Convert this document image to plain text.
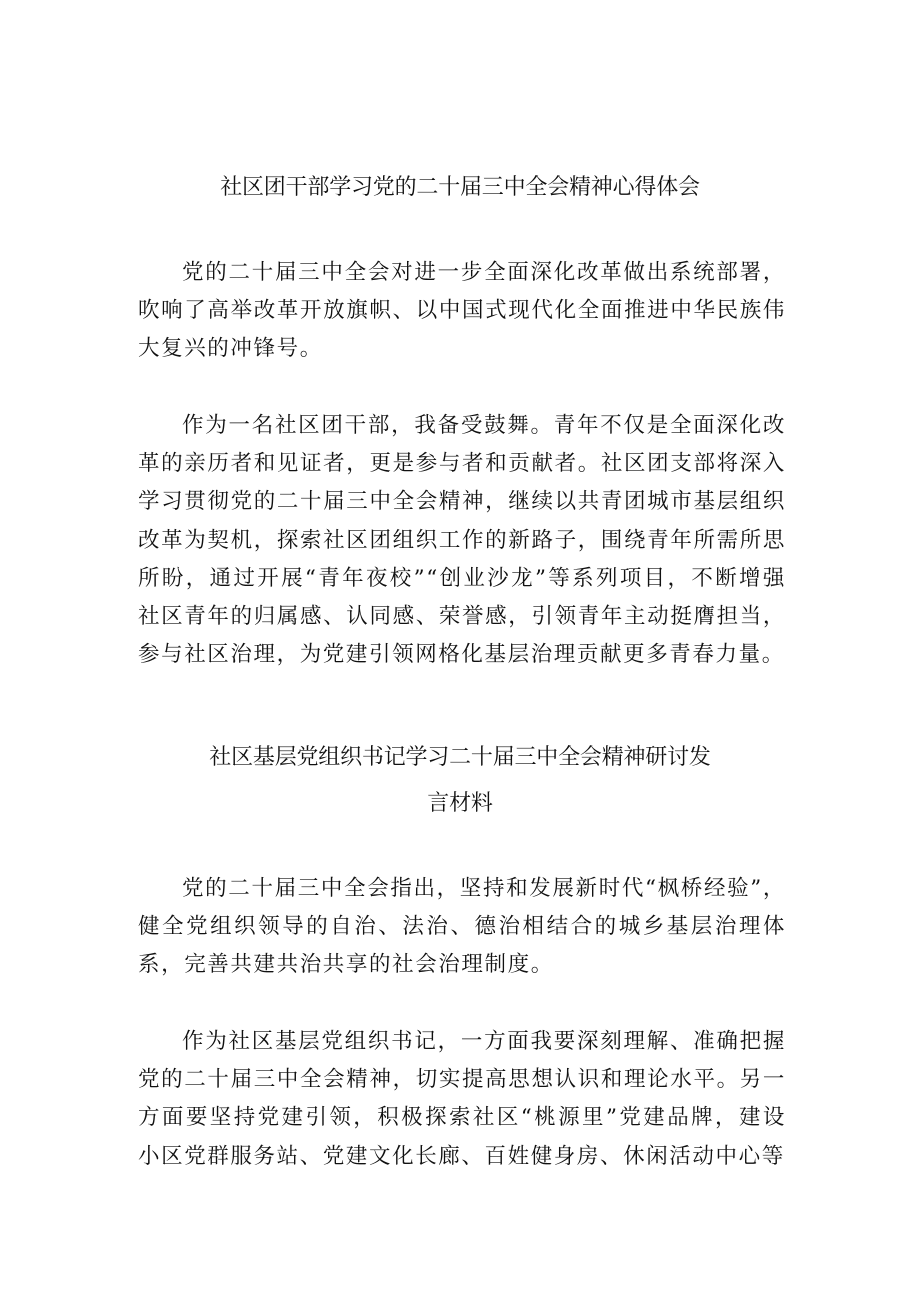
社区团干部学习党的二十届三中全会精神心得体会

党的二十届三中全会对进一步全面深化改革做出系统部署，吹响了高举改革开放旗帜、以中国式现代化全面推进中华民族伟大复兴的冲锋号。

作为一名社区团干部，我备受鼓舞。青年不仅是全面深化改革的亲历者和见证者，更是参与者和贡献者。社区团支部将深入学习贯彻党的二十届三中全会精神，继续以共青团城市基层组织改革为契机，探索社区团组织工作的新路子，围绕青年所需所思所盼，通过开展“青年夜校”“创业沙龙”等系列项目，不断增强社区青年的归属感、认同感、荣誉感，引领青年主动挺膺担当，参与社区治理，为党建引领网格化基层治理贡献更多青春力量。

社区基层党组织书记学习二十届三中全会精神研讨发
言材料

党的二十届三中全会指出，坚持和发展新时代“枫桥经验”，健全党组织领导的自治、法治、德治相结合的城乡基层治理体系，完善共建共治共享的社会治理制度。

作为社区基层党组织书记，一方面我要深刻理解、准确把握党的二十届三中全会精神，切实提高思想认识和理论水平。另一方面要坚持党建引领，积极探索社区“桃源里”党建品牌，建设小区党群服务站、党建文化长廊、百姓健身房、休闲活动中心等
